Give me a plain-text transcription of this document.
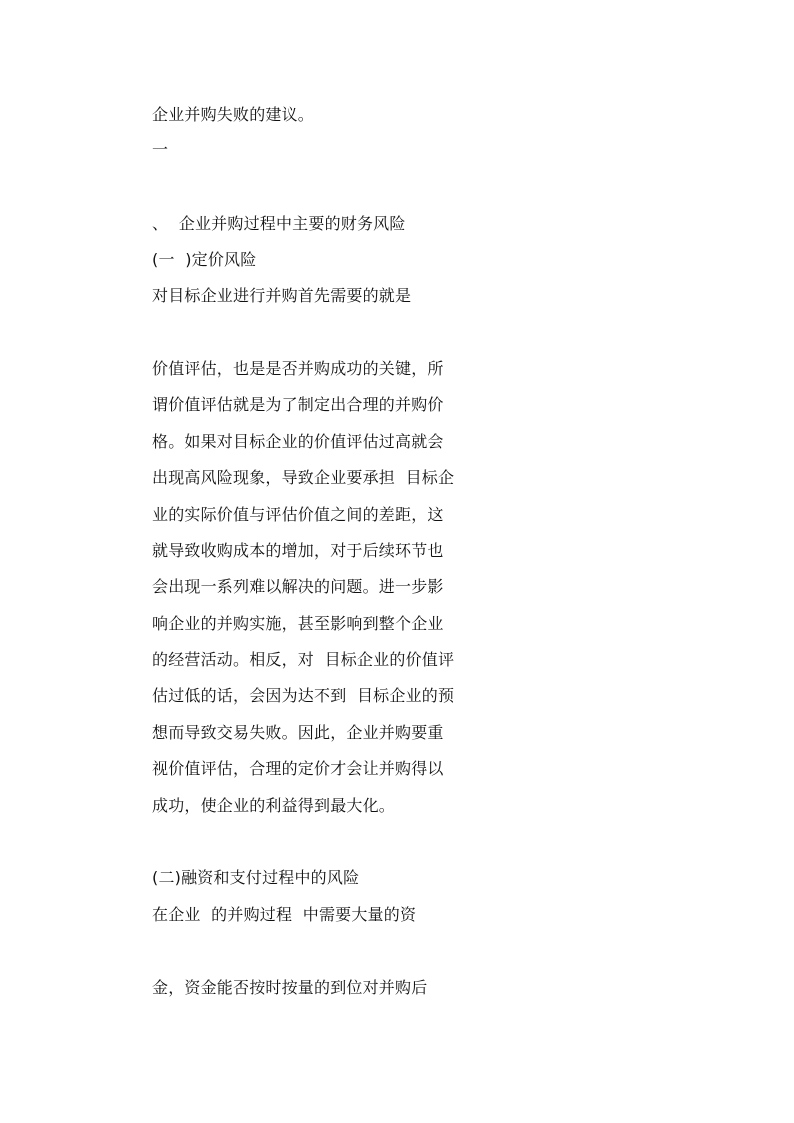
企业并购失败的建议。
一
、  企业并购过程中主要的财务风险
(一  )定价风险
对目标企业进行并购首先需要的就是
价值评估，也是是否并购成功的关键，所
谓价值评估就是为了制定出合理的并购价
格。如果对目标企业的价值评估过高就会
出现高风险现象，导致企业要承担  目标企
业的实际价值与评估价值之间的差距，这
就导致收购成本的增加，对于后续环节也
会出现一系列难以解决的问题。进一步影
响企业的并购实施，甚至影响到整个企业
的经营活动。相反，对  目标企业的价值评
估过低的话，会因为达不到  目标企业的预
想而导致交易失败。因此，企业并购要重
视价值评估，合理的定价才会让并购得以
成功，使企业的利益得到最大化。
(二)融资和支付过程中的风险
在企业  的并购过程  中需要大量的资
金，资金能否按时按量的到位对并购后
